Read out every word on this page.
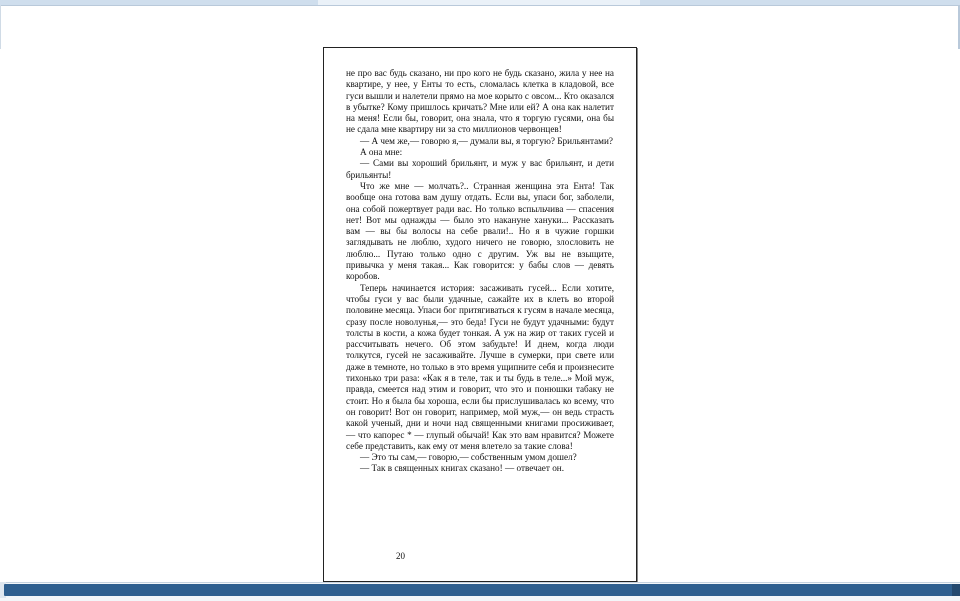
не про вас будь сказано, ни про кого не будь сказано, жила у нее на квартире, у нее, у Енты то есть, сломалась клетка в кладовой, все гуси вышли и налетели прямо на мое корыто с овсом... Кто оказался в убытке? Кому пришлось кричать? Мне или ей? А она как налетит на меня! Если бы, говорит, она знала, что я торгую гусями, она бы не сдала мне квартиру ни за сто миллионов червонцев!

— А чем же,— говорю я,— думали вы, я торгую? Брильянтами?

А она мне:

— Сами вы хороший брильянт, и муж у вас брильянт, и дети брильянты!

Что же мне — молчать?.. Странная женщина эта Ента! Так вообще она готова вам душу отдать. Если вы, упаси бог, заболели, она собой пожертвует ради вас. Но только вспыльчива — спасения нет! Вот мы однажды — было это накануне ханук​и... Рассказать вам — вы бы волосы на себе рвали!.. Но я в чужие горшки заглядывать не люблю, худого ничего не говорю, злословить не люблю... Путаю только одно с другим. Уж вы не взыщите, привычка у меня такая... Как говорится: у бабы слов — девять коробов.

Теперь начинается история: засаживать гусей... Если хотите, чтобы гуси у вас были удачные, сажайте их в клеть во второй половине месяца. Упаси бог притягиваться к гусям в начале месяца, сразу после новолунья,— это беда! Гуси не будут удачными: будут толсты в кости, а кожа будет тонкая. А уж на жир от таких гусей и рассчитывать нечего. Об этом забудьте! И днем, когда люди толкутся, гусей не засаживайте. Лучше в сумерки, при свете или даже в темноте, но только в это время ущипните себя и произнесите тихонько три раза: «Как я в теле, так и ты будь в теле...» Мой муж, правда, смеется над этим и говорит, что это и понюшки табаку не стоит. Но я была бы хороша, если бы прислушивалась ко всему, что он говорит! Вот он говорит, например, мой муж,— он ведь страсть какой ученый, дни и ночи над священными книгами просиживает,— что капорес * — глупый обычай! Как это вам нравится? Можете себе представить, как ему от меня влетело за такие слова!

— Это ты сам,— говорю,— собственным умом дошел?

— Так в священных книгах сказано! — отвечает он.

20
